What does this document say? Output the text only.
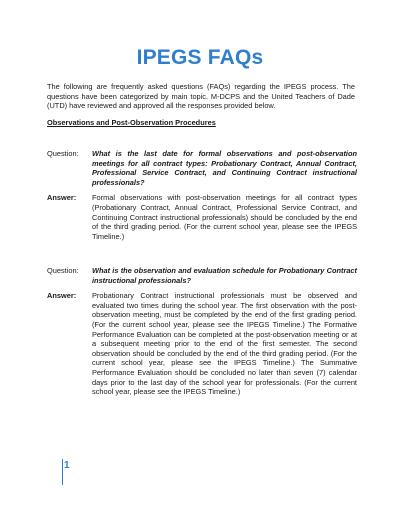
IPEGS FAQs
The following are frequently asked questions (FAQs) regarding the IPEGS process. The questions have been categorized by main topic. M-DCPS and the United Teachers of Dade (UTD) have reviewed and approved all the responses provided below.
Observations and Post-Observation Procedures
Question:	What is the last date for formal observations and post-observation meetings for all contract types: Probationary Contract, Annual Contract, Professional Service Contract, and Continuing Contract instructional professionals?
Answer:	Formal observations with post-observation meetings for all contract types (Probationary Contract, Annual Contract, Professional Service Contract, and Continuing Contract instructional professionals) should be concluded by the end of the third grading period. (For the current school year, please see the IPEGS Timeline.)
Question:	What is the observation and evaluation schedule for Probationary Contract instructional professionals?
Answer:	Probationary Contract instructional professionals must be observed and evaluated two times during the school year. The first observation with the post-observation meeting, must be completed by the end of the first grading period. (For the current school year, please see the IPEGS Timeline.) The Formative Performance Evaluation can be completed at the post-observation meeting or at a subsequent meeting prior to the end of the first semester. The second observation should be concluded by the end of the third grading period. (For the current school year, please see the IPEGS Timeline.) The Summative Performance Evaluation should be concluded no later than seven (7) calendar days prior to the last day of the school year for professionals. (For the current school year, please see the IPEGS Timeline.)
1
